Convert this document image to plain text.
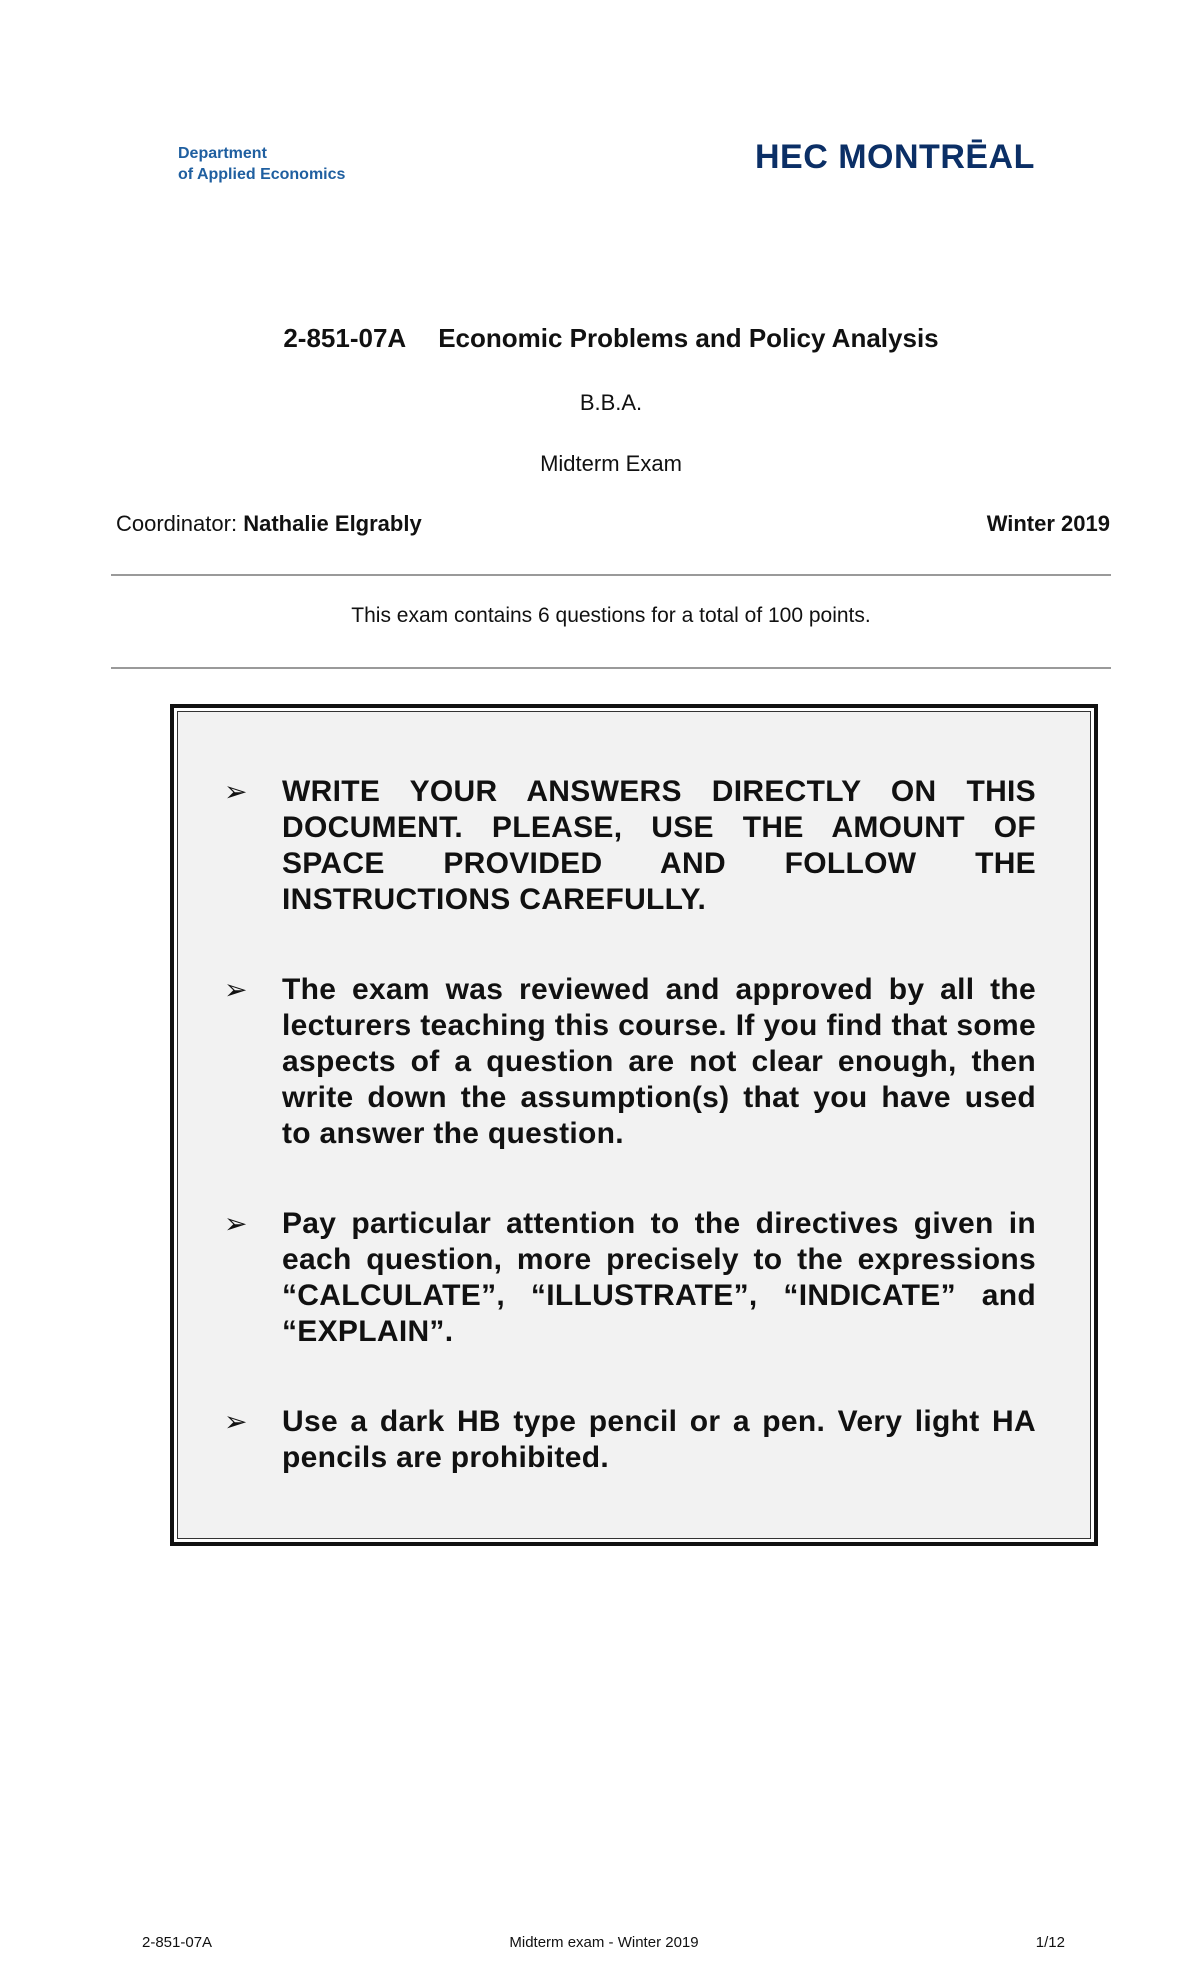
Department
of Applied Economics	HEC MONTRĒAL
2-851-07A Economic Problems and Policy Analysis
B.B.A.
Midterm Exam
Coordinator: Nathalie Elgrably	Winter 2019
This exam contains 6 questions for a total of 100 points.
➢	WRITE YOUR ANSWERS DIRECTLY ON THIS DOCUMENT. PLEASE, USE THE AMOUNT OF SPACE PROVIDED AND FOLLOW THE INSTRUCTIONS CAREFULLY.
➢	The exam was reviewed and approved by all the lecturers teaching this course. If you find that some aspects of a question are not clear enough, then write down the assumption(s) that you have used to answer the question.
➢	Pay particular attention to the directives given in each question, more precisely to the expressions “CALCULATE”, “ILLUSTRATE”, “INDICATE” and “EXPLAIN”.
➢	Use a dark HB type pencil or a pen. Very light HA pencils are prohibited.
2-851-07A	Midterm exam - Winter 2019	1/12
